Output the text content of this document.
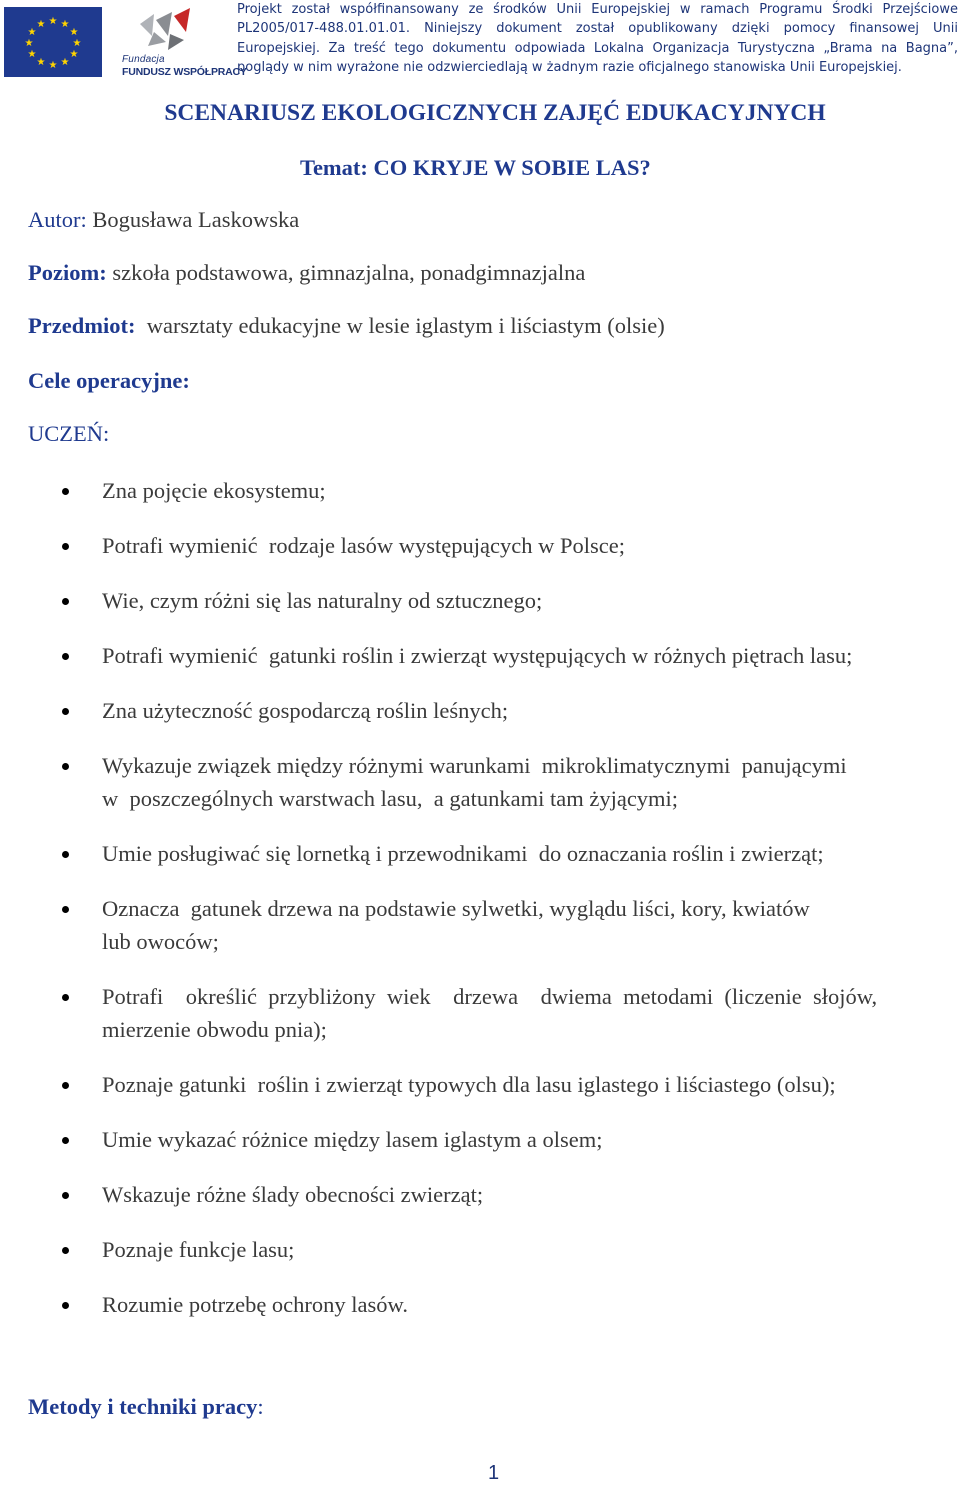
★ ★
★
★
★
★
★
★
★
★
★
★
Fundacja
FUNDUSZ WSPÓŁPRACY
Projekt został współfinansowany ze środków Unii Europejskiej w ramach Programu Środki Przejściowe
PL2005/017-488.01.01.01. Niniejszy dokument został opublikowany dzięki pomocy finansowej Unii
Europejskiej. Za treść tego dokumentu odpowiada Lokalna Organizacja Turystyczna „Brama na Bagna”,
poglądy w nim wyrażone nie odzwierciedlają w żadnym razie oficjalnego stanowiska Unii Europejskiej.
SCENARIUSZ EKOLOGICZNYCH ZAJĘĆ EDUKACYJNYCH
Temat: CO KRYJE W SOBIE LAS?
Autor: Bogusława Laskowska
Poziom: szkoła podstawowa, gimnazjalna, ponadgimnazjalna
Przedmiot:  warsztaty edukacyjne w lesie iglastym i liściastym (olsie)
Cele operacyjne:
UCZEŃ:
Zna pojęcie ekosystemu;
Potrafi wymienić  rodzaje lasów występujących w Polsce;
Wie, czym różni się las naturalny od sztucznego;
Potrafi wymienić  gatunki roślin i zwierząt występujących w różnych piętrach lasu;
Zna użyteczność gospodarczą roślin leśnych;
Wykazuje związek między różnymi warunkami  mikroklimatycznymi  panującymi
w  poszczególnych warstwach lasu,  a gatunkami tam żyjącymi;
Umie posługiwać się lornetką i przewodnikami  do oznaczania roślin i zwierząt;
Oznacza  gatunek drzewa na podstawie sylwetki, wyglądu liści, kory, kwiatów
lub owoców;
Potrafi    określić  przybliżony  wiek    drzewa    dwiema  metodami  (liczenie  słojów,
mierzenie obwodu pnia);
Poznaje gatunki  roślin i zwierząt typowych dla lasu iglastego i liściastego (olsu);
Umie wykazać różnice między lasem iglastym a olsem;
Wskazuje różne ślady obecności zwierząt;
Poznaje funkcje lasu;
Rozumie potrzebę ochrony lasów.
Metody i techniki pracy:
1
